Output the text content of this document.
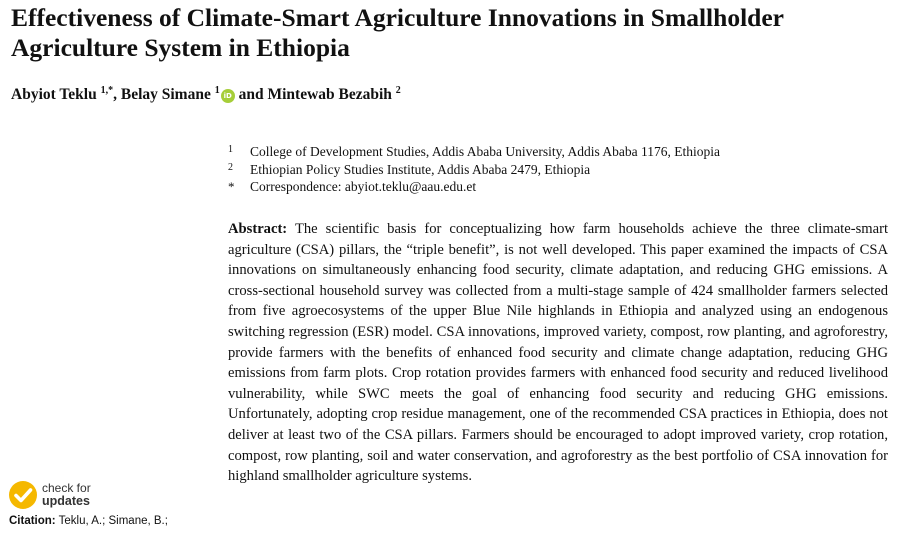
Effectiveness of Climate-Smart Agriculture Innovations in Smallholder Agriculture System in Ethiopia
Abyiot Teklu $^{1,*}$, Belay Simane $^1$ iD and Mintewab Bezabih $^2$
1 College of Development Studies, Addis Ababa University, Addis Ababa 1176, Ethiopia
2 Ethiopian Policy Studies Institute, Addis Ababa 2479, Ethiopia
* Correspondence: abyiot.teklu@aau.edu.et

Abstract: The scientific basis for conceptualizing how farm households achieve the three climate-smart agriculture (CSA) pillars, the “triple benefit”, is not well developed. This paper examined the impacts of CSA innovations on simultaneously enhancing food security, climate adaptation, and reducing GHG emissions. A cross-sectional household survey was collected from a multi-stage sample of 424 smallholder farmers selected from five agroecosystems of the upper Blue Nile highlands in Ethiopia and analyzed using an endogenous switching regression (ESR) model. CSA innovations, improved variety, compost, row planting, and agroforestry, provide farmers with the benefits of enhanced food security and climate change adaptation, reducing GHG emissions from farm plots. Crop rotation provides farmers with enhanced food security and reduced livelihood vulnerability, while SWC meets the goal of enhancing food security and reducing GHG emissions. Unfortunately, adopting crop residue management, one of the recommended CSA practices in Ethiopia, does not deliver at least two of the CSA pillars. Farmers should be encouraged to adopt improved variety, crop rotation, compost, row planting, soil and water conservation, and agroforestry as the best portfolio of CSA innovation for highland smallholder agriculture systems.

check for
updates
Citation: Teklu, A.; Simane, B.;
